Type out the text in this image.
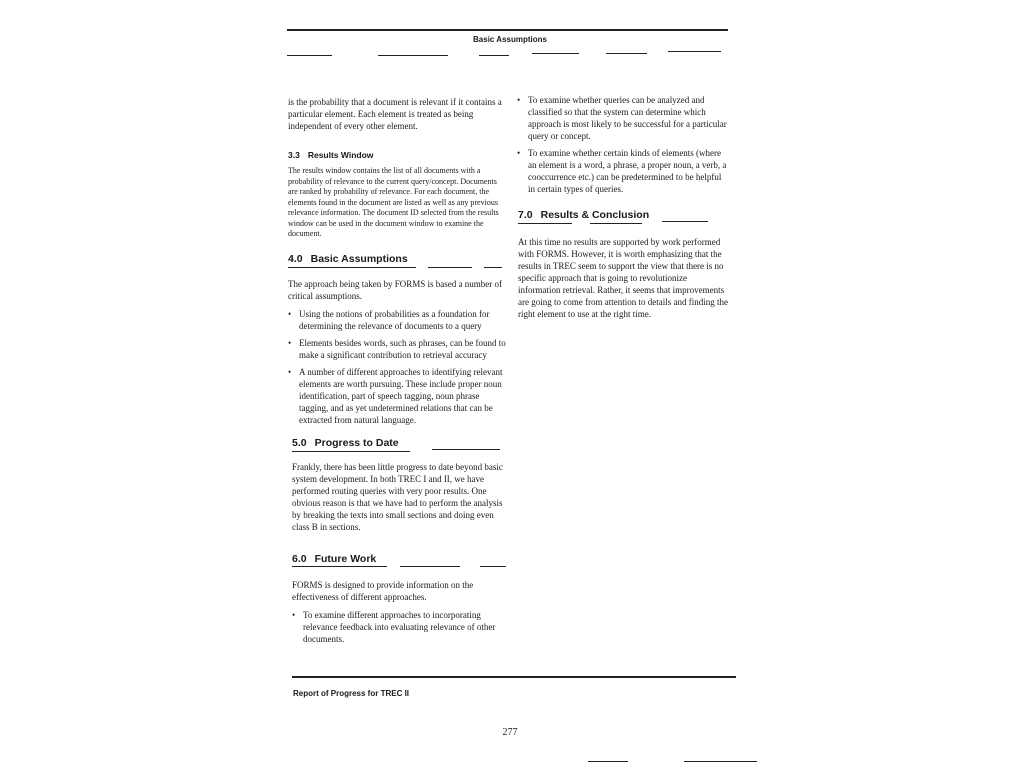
Basic Assumptions

is the probability that a document is relevant if it contains a particular element. Each element is treated as being independent of every other element.

3.3 Results Window

The results window contains the list of all documents with a probability of relevance to the current query/concept. Documents are ranked by probability of relevance. For each document, the elements found in the document are listed as well as any previous relevance information. The document ID selected from the results window can be used in the document window to examine the document.

4.0 Basic Assumptions

The approach being taken by FORMS is based a number of critical assumptions.

• Using the notions of probabilities as a foundation for determining the relevance of documents to a query
• Elements besides words, such as phrases, can be found to make a significant contribution to retrieval accuracy
• A number of different approaches to identifying relevant elements are worth pursuing. These include proper noun identification, part of speech tagging, noun phrase tagging, and as yet undetermined relations that can be extracted from natural language.
5.0 Progress to Date

Frankly, there has been little progress to date beyond basic system development. In both TREC I and II, we have performed routing queries with very poor results. One obvious reason is that we have had to perform the analysis by breaking the texts into small sections and doing even class B in sections.

6.0 Future Work

FORMS is designed to provide information on the effectiveness of different approaches.

• To examine different approaches to incorporating relevance feedback into evaluating relevance of other documents.
• To examine whether queries can be analyzed and classified so that the system can determine which approach is most likely to be successful for a particular query or concept.
• To examine whether certain kinds of elements (where an element is a word, a phrase, a proper noun, a verb, a cooccurrence etc.) can be predetermined to be helpful in certain types of queries.
7.0 Results & Conclusion

At this time no results are supported by work performed with FORMS. However, it is worth emphasizing that the results in TREC seem to support the view that there is no specific approach that is going to revolutionize information retrieval. Rather, it seems that improvements are going to come from attention to details and finding the right element to use at the right time.

Report of Progress for TREC II
277
